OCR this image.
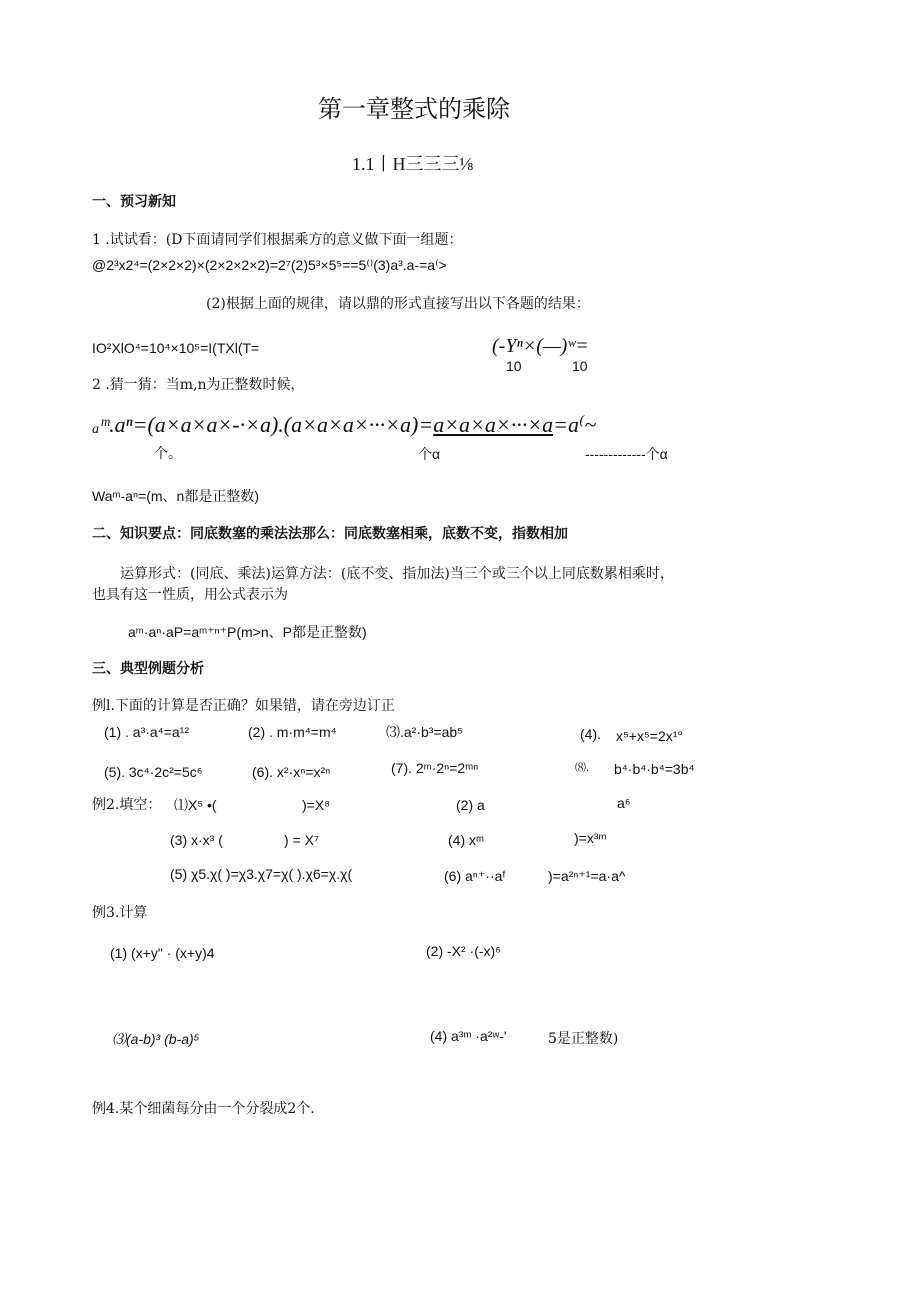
第一章整式的乘除
1.1丨H三三三⅛
一、预习新知
1 .试试看：(D下面请同学们根据乘方的意义做下面一组题：
@2³x2⁴=(2×2×2)×(2×2×2×2)=2⁷(2)5³×5⁵==5⁽⁾(3)a³.a-=a⁽>
(2)根据上面的规律，请以鼎的形式直接写出以下各题的结果：
IO²XlO⁴=10⁴×10⁵=I(TXl(T=	(-Yⁿ×(—)ʷ=
10	10
2 .猜一猜：当m,n为正整数时候，
a ᵐ.aⁿ=(a×a×a×-·×a).(a×a×a×···×a)=a×a×a×···×a=a⁽~
个。	个α	-------------个α
Waᵐ-aⁿ=(m、n都是正整数)
二、知识要点：同底数塞的乘法法那么：同底数塞相乘，底数不变，指数相加
运算形式：(同底、乘法)运算方法：(底不变、指加法)当三个或三个以上同底数累相乘时，
也具有这一性质，用公式表示为
aᵐ·aⁿ·aP=aᵐ⁺ⁿ⁺P(m>n、P都是正整数)
三、典型例题分析
例l.下面的计算是否正确？如果错，请在旁边订正
(1) . a³·a⁴=a¹²	(2) . m·m⁴=m⁴	⑶.a²·b³=ab⁵	(4). x⁵+x⁵=2x¹°
(5). 3c⁴·2c²=5c⁶	(6). x²·xⁿ=x²ⁿ	(7). 2ᵐ·2ⁿ=2ᵐⁿ	⑻. b⁴·b⁴·b⁴=3b⁴
例2.填空： ⑴X⁵ •(	)=X⁸	(2) a	a⁶
(3) x·x³ (	) = X⁷	(4) xᵐ	)=x³ᵐ
(5) χ5.χ( )=χ3.χ7=χ( ).χ6=χ.χ(	(6) aⁿ⁺··aᶠ	)=a²ⁿ⁺¹=a·a^
例3.计算
(1) (x+y" · (x+y)4	(2) -X² ·(-x)⁶
⑶(a-b)³ (b-a)⁵	(4) a³ᵐ ·a²ʷ-'	5是正整数)
例4.某个细菌每分由一个分裂成2个.
